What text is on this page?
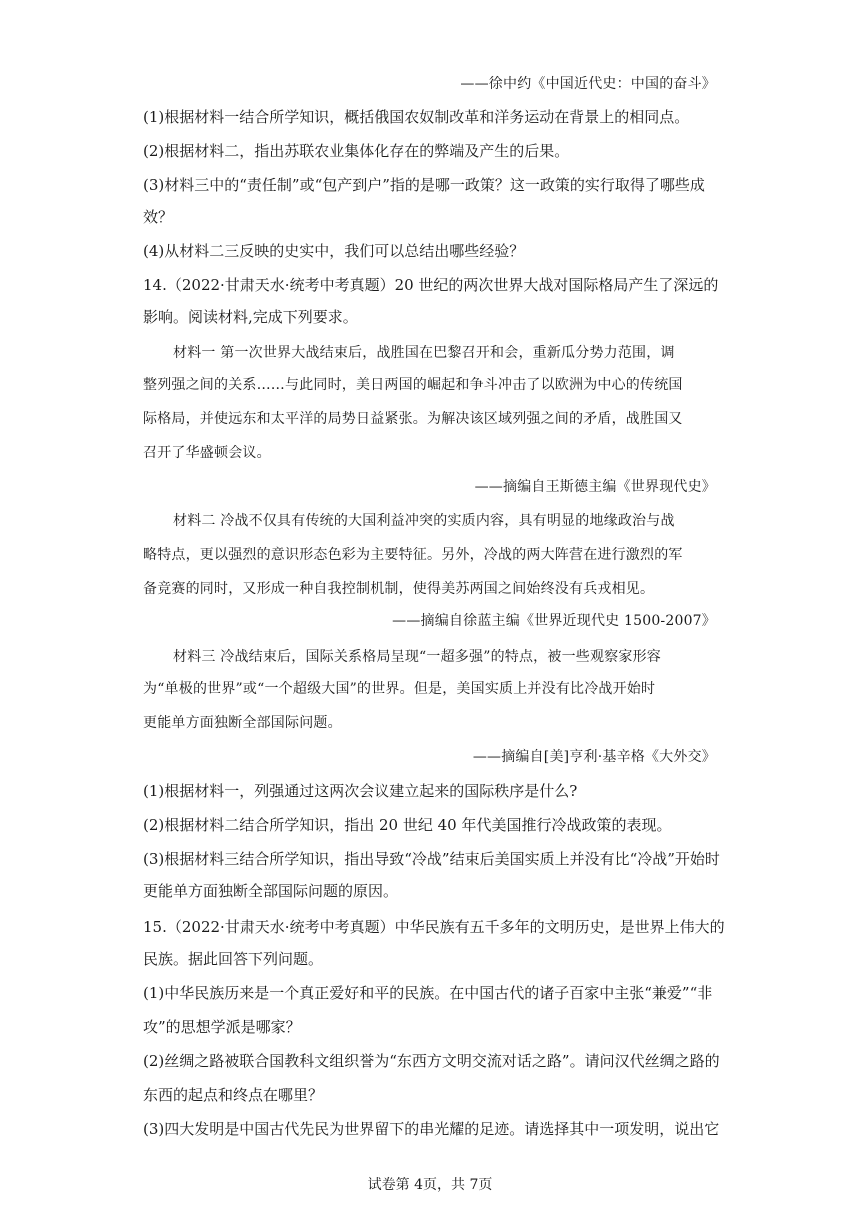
——徐中约《中国近代史：中国的奋斗》
(1)根据材料一结合所学知识，概括俄国农奴制改革和洋务运动在背景上的相同点。
(2)根据材料二，指出苏联农业集体化存在的弊端及产生的后果。
(3)材料三中的“责任制”或“包产到户”指的是哪一政策？这一政策的实行取得了哪些成
效？
(4)从材料二三反映的史实中，我们可以总结出哪些经验？
14.（2022·甘肃天水·统考中考真题）20 世纪的两次世界大战对国际格局产生了深远的
影响。阅读材料,完成下列要求。
材料一 第一次世界大战结束后，战胜国在巴黎召开和会，重新瓜分势力范围，调
整列强之间的关系……与此同时，美日两国的崛起和争斗冲击了以欧洲为中心的传统国
际格局，并使远东和太平洋的局势日益紧张。为解决该区域列强之间的矛盾，战胜国又
召开了华盛顿会议。
——摘编自王斯德主编《世界现代史》
材料二 冷战不仅具有传统的大国利益冲突的实质内容，具有明显的地缘政治与战
略特点，更以强烈的意识形态色彩为主要特征。另外，冷战的两大阵营在进行激烈的军
备竞赛的同时，又形成一种自我控制机制，使得美苏两国之间始终没有兵戎相见。
——摘编自徐蓝主编《世界近现代史 1500-2007》
材料三 冷战结束后，国际关系格局呈现“一超多强”的特点，被一些观察家形容
为“单极的世界”或“一个超级大国”的世界。但是，美国实质上并没有比冷战开始时
更能单方面独断全部国际问题。
——摘编自[美]亨利·基辛格《大外交》
(1)根据材料一，列强通过这两次会议建立起来的国际秩序是什么?
(2)根据材料二结合所学知识，指出 20 世纪 40 年代美国推行冷战政策的表现。
(3)根据材料三结合所学知识，指出导致“冷战”结束后美国实质上并没有比“冷战”开始时
更能单方面独断全部国际问题的原因。
15.（2022·甘肃天水·统考中考真题）中华民族有五千多年的文明历史，是世界上伟大的
民族。据此回答下列问题。
(1)中华民族历来是一个真正爱好和平的民族。在中国古代的诸子百家中主张“兼爱”“非
攻”的思想学派是哪家？
(2)丝绸之路被联合国教科文组织誉为“东西方文明交流对话之路”。请问汉代丝绸之路的
东西的起点和终点在哪里？
(3)四大发明是中国古代先民为世界留下的串光耀的足迹。请选择其中一项发明，说出它
试卷第 4页，共 7页
